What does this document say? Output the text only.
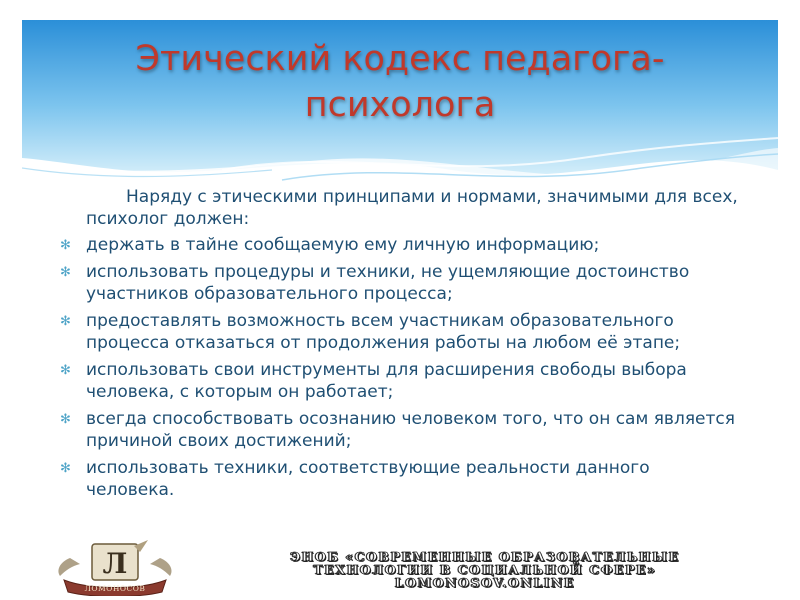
Этический кодекс педагога-
психолога

Наряду с этическими принципами и нормами, значимыми для всех, психолог должен:

✻ держать в тайне сообщаемую ему личную информацию;
✻ использовать процедуры и техники, не ущемляющие достоинство участников образовательного процесса;
✻ предоставлять возможность всем участникам образовательного процесса отказаться от продолжения работы на любом её этапе;
✻ использовать свои инструменты для расширения свободы выбора человека, с которым он работает;
✻ всегда способствовать осознанию человеком того, что он сам является причиной своих достижений;
✻ использовать техники, соответствующие реальности данного человека.
Л
ЛОМОНОСОВ
ЭНОБ «СОВРЕМЕННЫЕ ОБРАЗОВАТЕЛЬНЫЕ
ТЕХНОЛОГИИ В СОЦИАЛЬНОЙ СФЕРЕ»
LOMONOSOV.ONLINE
